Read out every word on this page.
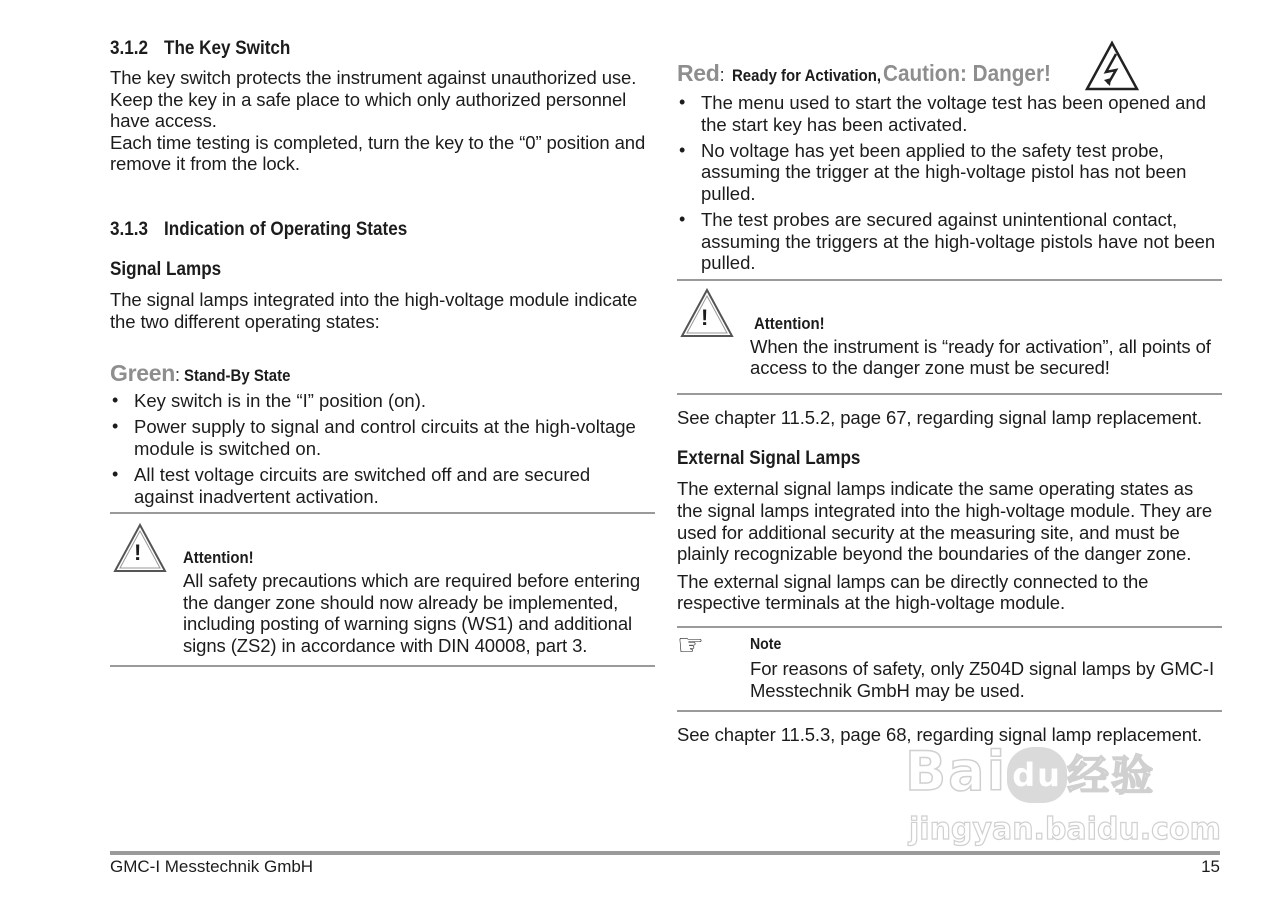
3.1.2 The Key Switch

The key switch protects the instrument against unauthorized use. Keep the key in a safe place to which only authorized personnel have access.

Each time testing is completed, turn the key to the “0” position and remove it from the lock.

3.1.3 Indication of Operating States

Signal Lamps

The signal lamps integrated into the high-voltage module indicate the two different operating states:

Green: Stand-By State

• Key switch is in the “I” position (on).
• Power supply to signal and control circuits at the high-voltage module is switched on.
• All test voltage circuits are switched off and are secured against inadvertent activation.
! Attention!

All safety precautions which are required before entering the danger zone should now already be implemented, including posting of warning signs (WS1) and additional signs (ZS2) in accordance with DIN 40008, part 3.

Red: Ready for Activation, Caution: Danger!

• The menu used to start the voltage test has been opened and the start key has been activated.
• No voltage has yet been applied to the safety test probe, assuming the trigger at the high-voltage pistol has not been pulled.
• The test probes are secured against unintentional contact, assuming the triggers at the high-voltage pistols have not been pulled.
!	Attention!

When the instrument is “ready for activation”, all points of access to the danger zone must be secured!

See chapter 11.5.2, page 67, regarding signal lamp replacement.

External Signal Lamps

The external signal lamps indicate the same operating states as the signal lamps integrated into the high-voltage module. They are used for additional security at the measuring site, and must be plainly recognizable beyond the boundaries of the danger zone.

The external signal lamps can be directly connected to the respective terminals at the high-voltage module.

☞	Note

For reasons of safety, only Z504D signal lamps by GMC-I Messtechnik GmbH may be used.

See chapter 11.5.3, page 68, regarding signal lamp replacement.

Bai du 经验
jingyan.baidu.com
GMC-I Messtechnik GmbH	15
